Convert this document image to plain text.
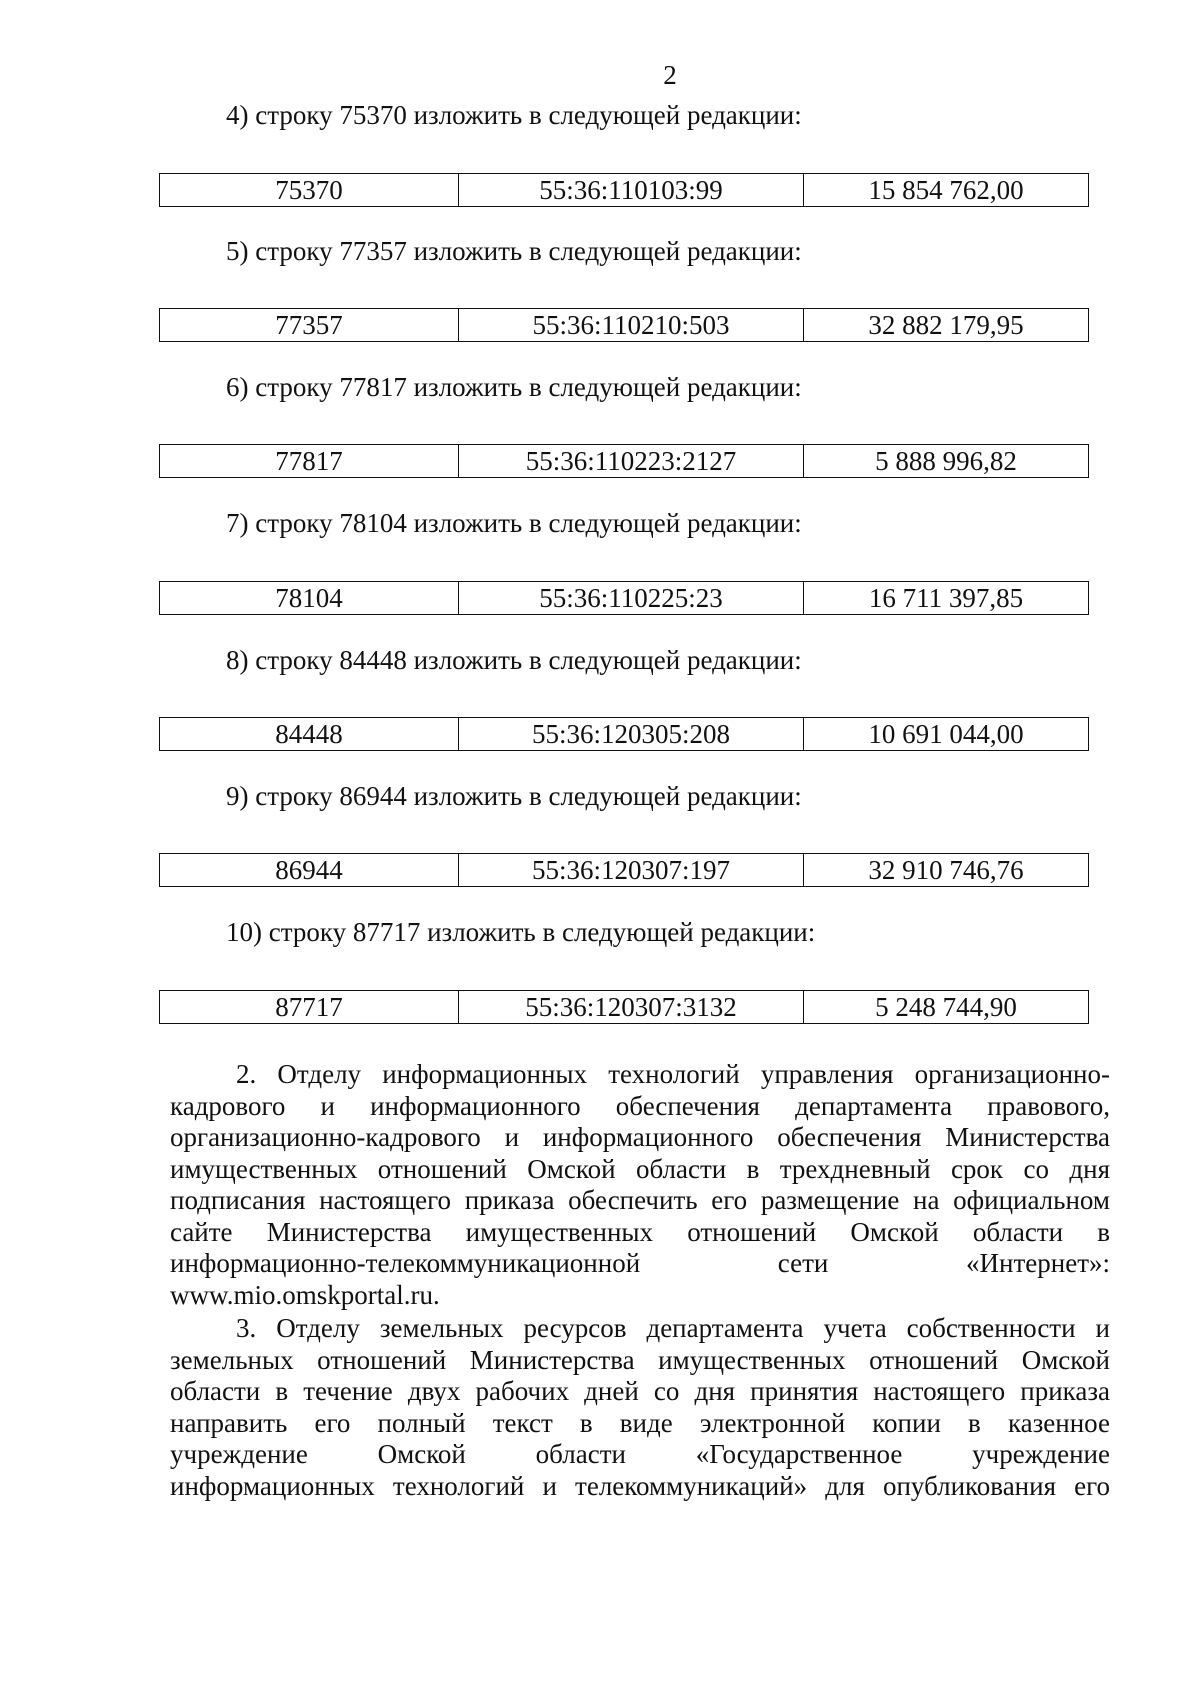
2
4) строку 75370 изложить в следующей редакции:
75370	55:36:110103:99	15 854 762,00
5) строку 77357 изложить в следующей редакции:
77357	55:36:110210:503	32 882 179,95
6) строку 77817 изложить в следующей редакции:
77817	55:36:110223:2127	5 888 996,82
7) строку 78104 изложить в следующей редакции:
78104	55:36:110225:23	16 711 397,85
8) строку 84448 изложить в следующей редакции:
84448	55:36:120305:208	10 691 044,00
9) строку 86944 изложить в следующей редакции:
86944	55:36:120307:197	32 910 746,76
10) строку 87717 изложить в следующей редакции:
87717	55:36:120307:3132	5 248 744,90
2. Отделу информационных технологий управления организационно-
кадрового и информационного обеспечения департамента правового,
организационно-кадрового и информационного обеспечения Министерства
имущественных отношений Омской области в трехдневный срок со дня
подписания настоящего приказа обеспечить его размещение на официальном
сайте Министерства имущественных отношений Омской области в
информационно-телекоммуникационной сети «Интернет»:
www.mio.omskportal.ru.
3. Отделу земельных ресурсов департамента учета собственности и
земельных отношений Министерства имущественных отношений Омской
области в течение двух рабочих дней со дня принятия настоящего приказа
направить его полный текст в виде электронной копии в казенное
учреждение Омской области «Государственное учреждение
информационных технологий и телекоммуникаций» для опубликования его
